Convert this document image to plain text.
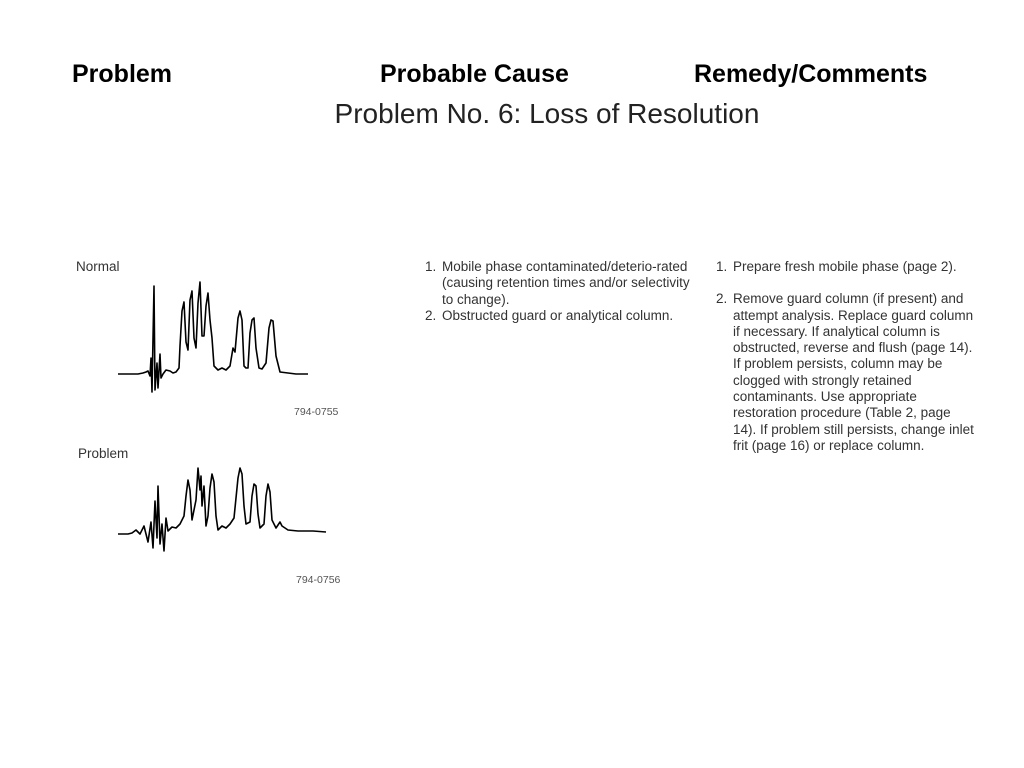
Problem	Probable Cause	Remedy/Comments

Problem No. 6: Loss of Resolution

Normal
794-0755
Problem
794-0756
1. Mobile phase contaminated/deterio-rated (causing retention times and/or selectivity to change).
2. Obstructed guard or analytical column.
1. Prepare fresh mobile phase (page 2).
2. Remove guard column (if present) and attempt analysis. Replace guard column if necessary. If analytical column is obstructed, reverse and flush (page 14). If problem persists, column may be clogged with strongly retained contaminants. Use appropriate restoration procedure (Table 2, page 14). If problem still persists, change inlet frit (page 16) or replace column.
